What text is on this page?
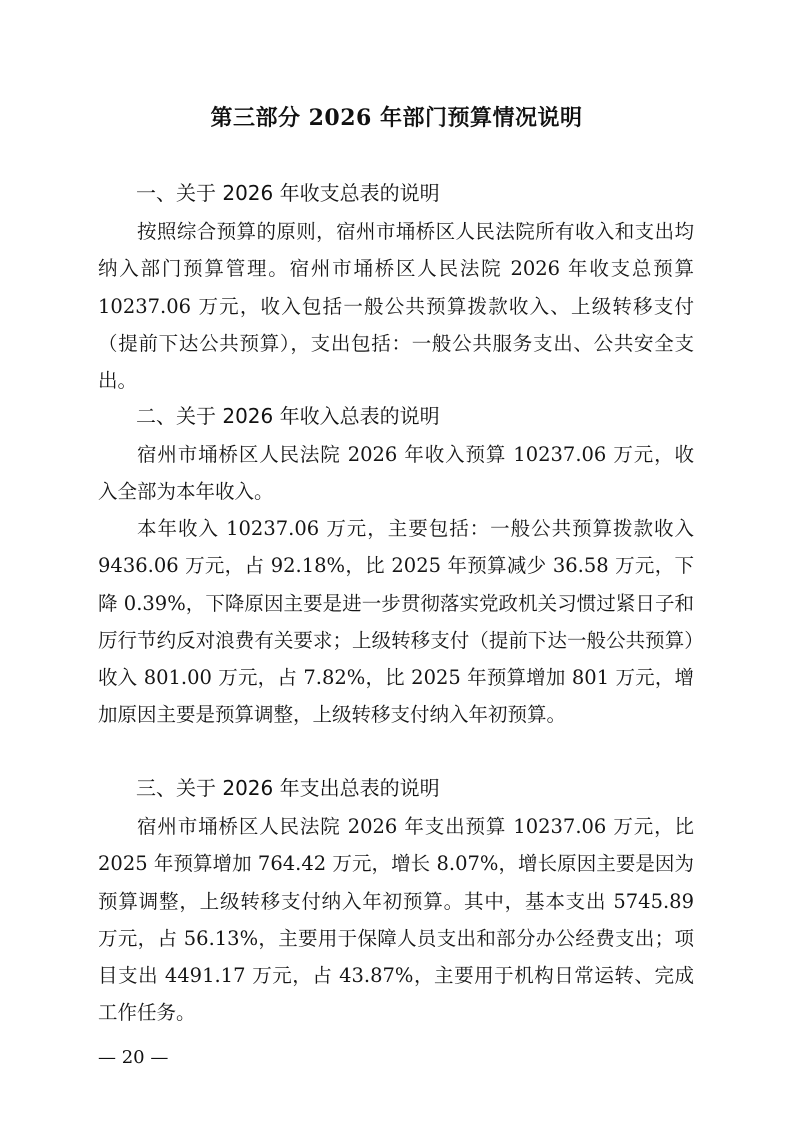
第三部分 2026 年部门预算情况说明
一、关于 2026 年收支总表的说明
按照综合预算的原则，宿州市埇桥区人民法院所有收入和支出均纳入部门预算管理。宿州市埇桥区人民法院 2026 年收支总预算 10237.06 万元，收入包括一般公共预算拨款收入、上级转移支付（提前下达公共预算），支出包括：一般公共服务支出、公共安全支出。
二、关于 2026 年收入总表的说明
宿州市埇桥区人民法院 2026 年收入预算 10237.06 万元，收入全部为本年收入。
本年收入 10237.06 万元，主要包括：一般公共预算拨款收入 9436.06 万元，占 92.18%，比 2025 年预算减少 36.58 万元，下降 0.39%，下降原因主要是进一步贯彻落实党政机关习惯过紧日子和厉行节约反对浪费有关要求；上级转移支付（提前下达一般公共预算）收入 801.00 万元，占 7.82%，比 2025 年预算增加 801 万元，增加原因主要是预算调整，上级转移支付纳入年初预算。
三、关于 2026 年支出总表的说明
宿州市埇桥区人民法院 2026 年支出预算 10237.06 万元，比 2025 年预算增加 764.42 万元，增长 8.07%，增长原因主要是因为预算调整，上级转移支付纳入年初预算。其中，基本支出 5745.89 万元，占 56.13%，主要用于保障人员支出和部分办公经费支出；项目支出 4491.17 万元，占 43.87%，主要用于机构日常运转、完成工作任务。
— 20 —
